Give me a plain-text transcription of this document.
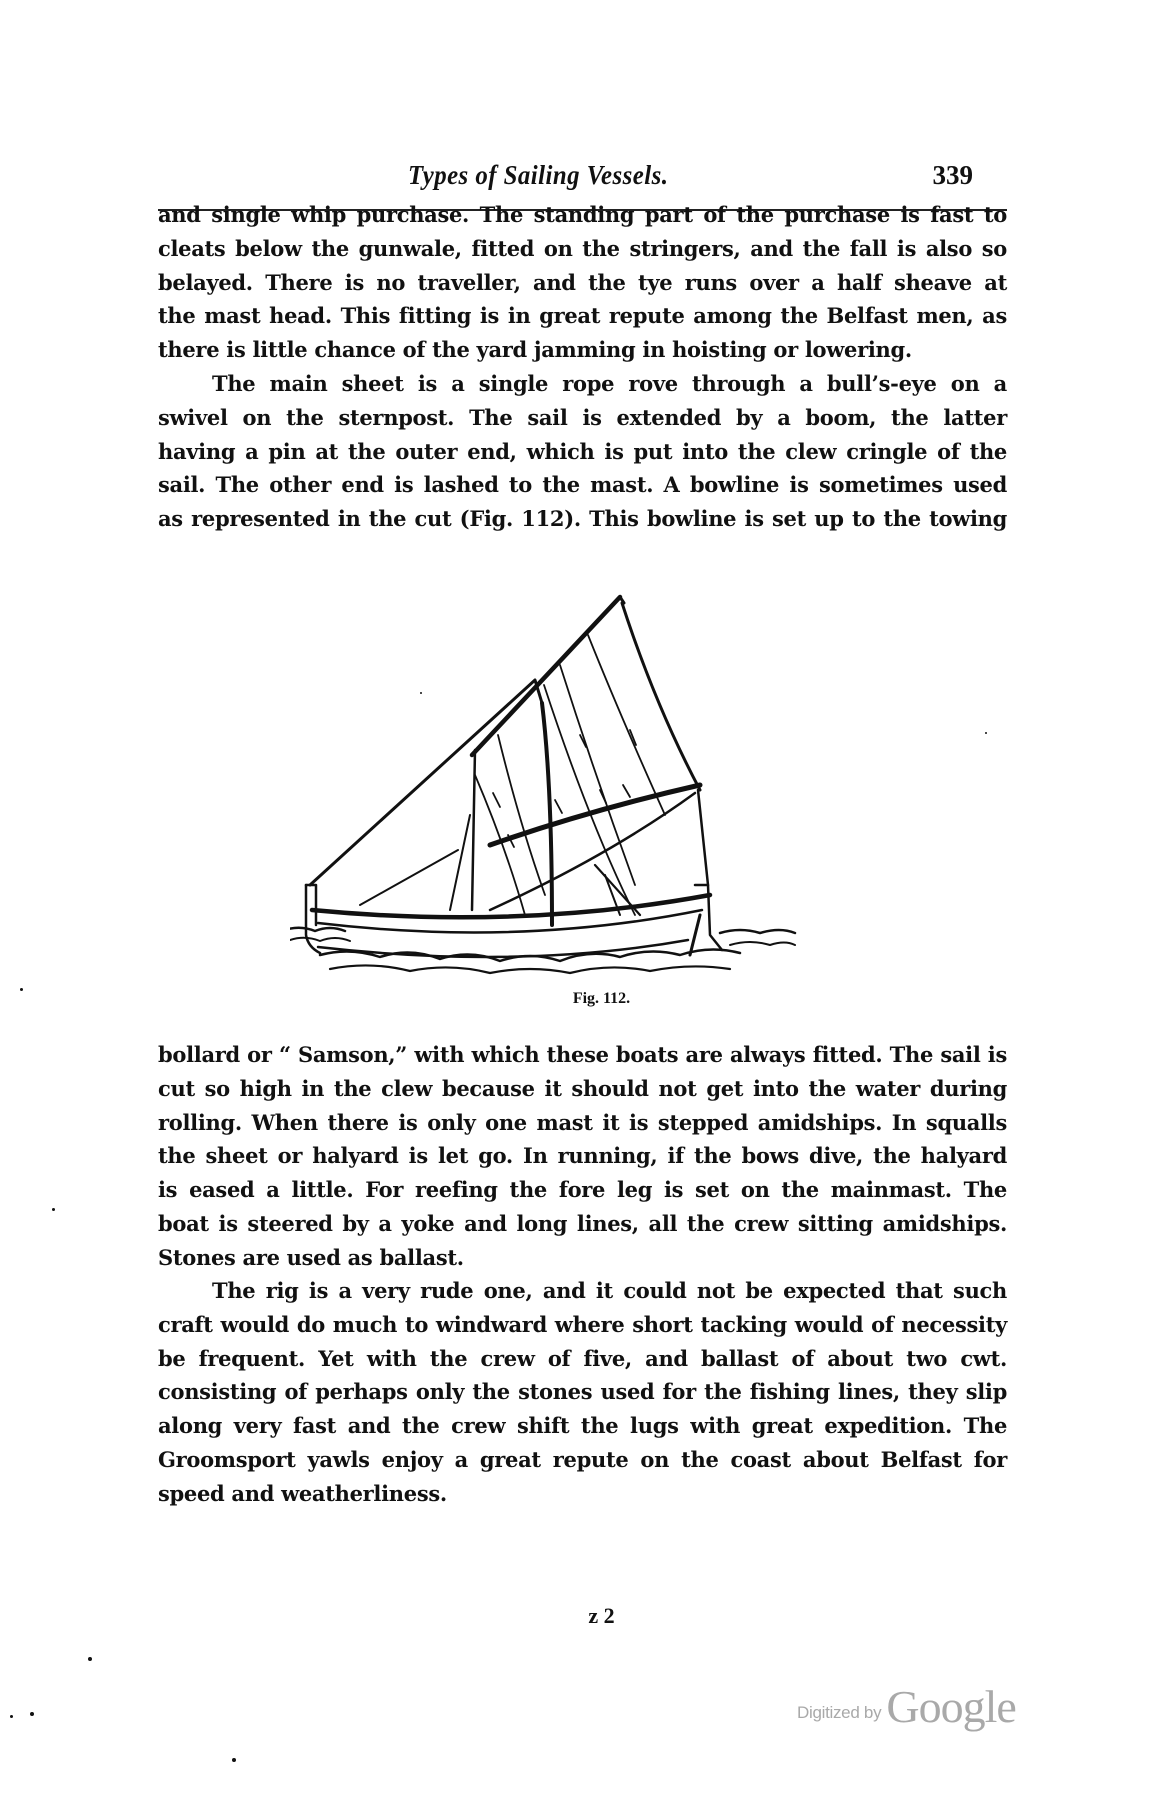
Types of Sailing Vessels.	339
and single whip purchase. The standing part of the purchase is fast to
cleats below the gunwale, fitted on the stringers, and the fall is also so
belayed. There is no traveller, and the tye runs over a half sheave at
the mast head. This fitting is in great repute among the Belfast men, as
there is little chance of the yard jamming in hoisting or lowering.
The main sheet is a single rope rove through a bull’s-eye on a
swivel on the sternpost. The sail is extended by a boom, the latter
having a pin at the outer end, which is put into the clew cringle of the
sail. The other end is lashed to the mast. A bowline is sometimes used
as represented in the cut (Fig. 112). This bowline is set up to the towing
Fig. 112.
bollard or “ Samson,” with which these boats are always fitted. The sail is
cut so high in the clew because it should not get into the water during
rolling. When there is only one mast it is stepped amidships. In squalls
the sheet or halyard is let go. In running, if the bows dive, the halyard
is eased a little. For reefing the fore leg is set on the mainmast. The
boat is steered by a yoke and long lines, all the crew sitting amidships.
Stones are used as ballast.
The rig is a very rude one, and it could not be expected that such
craft would do much to windward where short tacking would of necessity
be frequent. Yet with the crew of five, and ballast of about two cwt.
consisting of perhaps only the stones used for the fishing lines, they slip
along very fast and the crew shift the lugs with great expedition. The
Groomsport yawls enjoy a great repute on the coast about Belfast for
speed and weatherliness.
z 2
Digitized by Google
